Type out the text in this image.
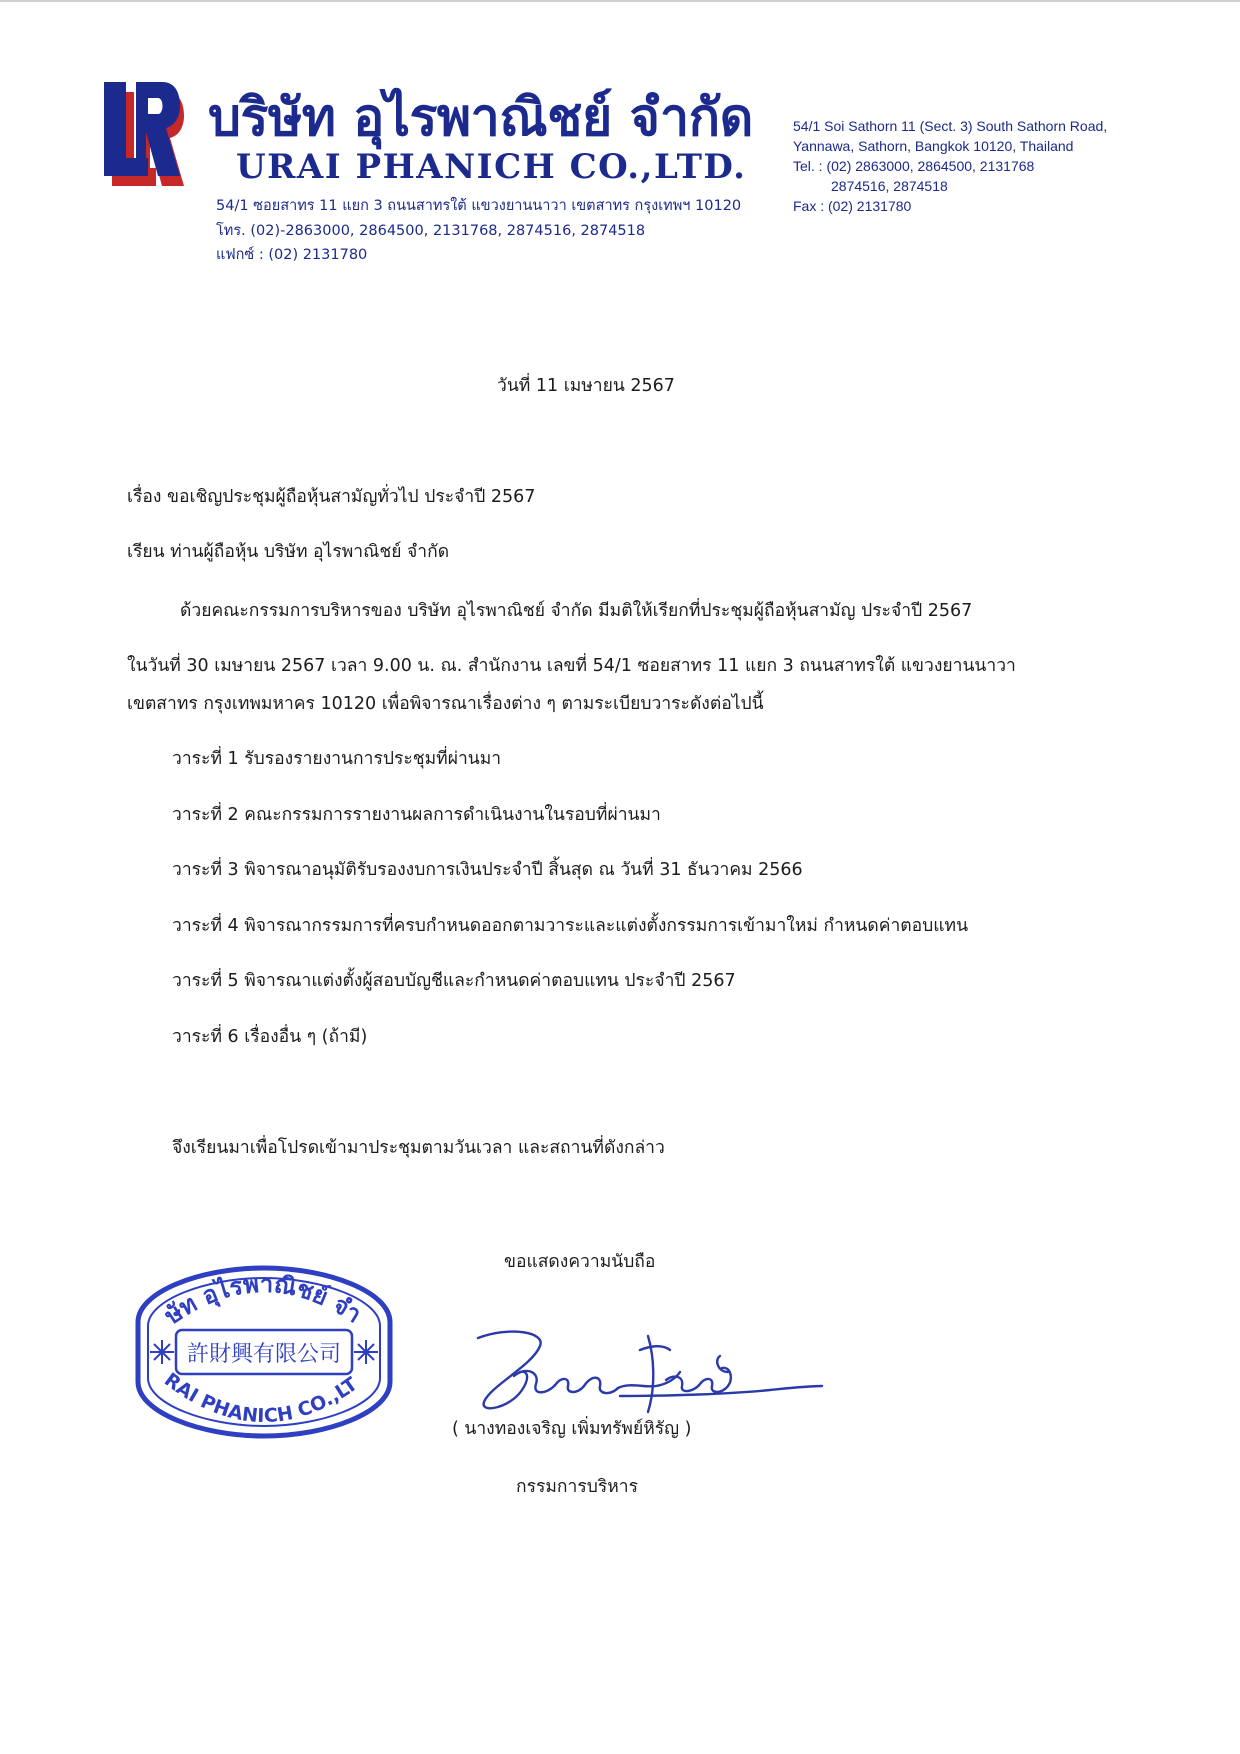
บริษัท อุไรพาณิชย์ จำกัด
URAI PHANICH CO.,LTD.
54/1 ซอยสาทร 11 แยก 3 ถนนสาทรใต้ แขวงยานนาวา เขตสาทร กรุงเทพฯ 10120
โทร. (02)-2863000, 2864500, 2131768, 2874516, 2874518
แฟกซ์ : (02) 2131780
54/1 Soi Sathorn 11 (Sect. 3) South Sathorn Road,
Yannawa, Sathorn, Bangkok 10120, Thailand
Tel. : (02) 2863000, 2864500, 2131768
2874516, 2874518
Fax : (02) 2131780
วันที่ 11 เมษายน 2567
เรื่อง ขอเชิญประชุมผู้ถือหุ้นสามัญทั่วไป ประจำปี 2567
เรียน ท่านผู้ถือหุ้น บริษัท อุไรพาณิชย์ จำกัด
ด้วยคณะกรรมการบริหารของ บริษัท อุไรพาณิชย์ จำกัด มีมติให้เรียกที่ประชุมผู้ถือหุ้นสามัญ ประจำปี 2567
ในวันที่ 30 เมษายน 2567 เวลา 9.00 น. ณ. สำนักงาน เลขที่ 54/1 ซอยสาทร 11 แยก 3 ถนนสาทรใต้ แขวงยานนาวา
เขตสาทร กรุงเทพมหาคร 10120 เพื่อพิจารณาเรื่องต่าง ๆ ตามระเบียบวาระดังต่อไปนี้
วาระที่ 1 รับรองรายงานการประชุมที่ผ่านมา
วาระที่ 2 คณะกรรมการรายงานผลการดำเนินงานในรอบที่ผ่านมา
วาระที่ 3 พิจารณาอนุมัติรับรองงบการเงินประจำปี สิ้นสุด ณ วันที่ 31 ธันวาคม 2566
วาระที่ 4 พิจารณากรรมการที่ครบกำหนดออกตามวาระและแต่งตั้งกรรมการเข้ามาใหม่ กำหนดค่าตอบแทน
วาระที่ 5 พิจารณาแต่งตั้งผู้สอบบัญชีและกำหนดค่าตอบแทน ประจำปี 2567
วาระที่ 6 เรื่องอื่น ๆ (ถ้ามี)
จึงเรียนมาเพื่อโปรดเข้ามาประชุมตามวันเวลา และสถานที่ดังกล่าว
ขอแสดงความนับถือ
ษัท อุไรพาณิชย์ จำ
許財興有限公司
RAI PHANICH CO.,LT
( นางทองเจริญ เพิ่มทรัพย์หิรัญ )
กรรมการบริหาร
